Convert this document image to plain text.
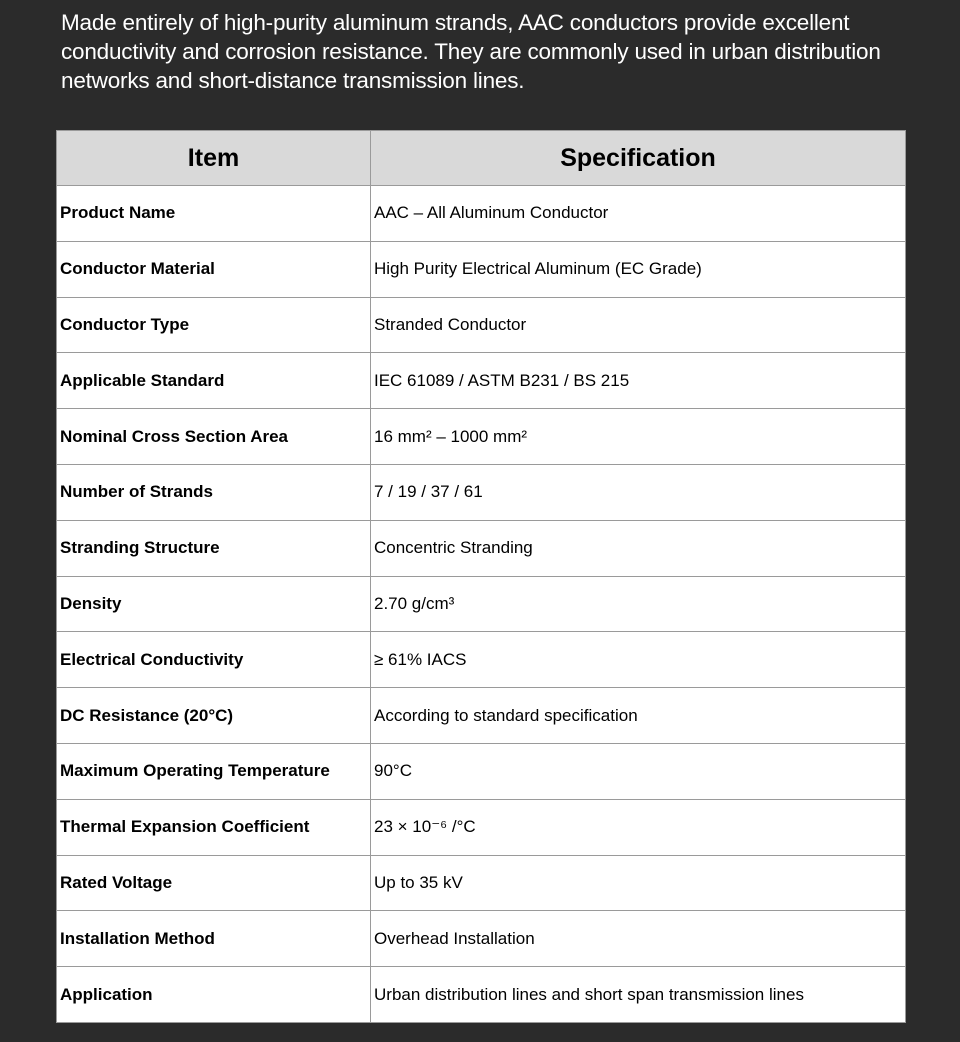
Made entirely of high-purity aluminum strands, AAC conductors provide excellent conductivity and corrosion resistance. They are commonly used in urban distribution networks and short-distance transmission lines.
Item	Specification
Product Name	AAC – All Aluminum Conductor
Conductor Material	High Purity Electrical Aluminum (EC Grade)
Conductor Type	Stranded Conductor
Applicable Standard	IEC 61089 / ASTM B231 / BS 215
Nominal Cross Section Area	16 mm² – 1000 mm²
Number of Strands	7 / 19 / 37 / 61
Stranding Structure	Concentric Stranding
Density	2.70 g/cm³
Electrical Conductivity	≥ 61% IACS
DC Resistance (20°C)	According to standard specification
Maximum Operating Temperature	90°C
Thermal Expansion Coefficient	23 × 10⁻⁶ /°C
Rated Voltage	Up to 35 kV
Installation Method	Overhead Installation
Application	Urban distribution lines and short span transmission lines
